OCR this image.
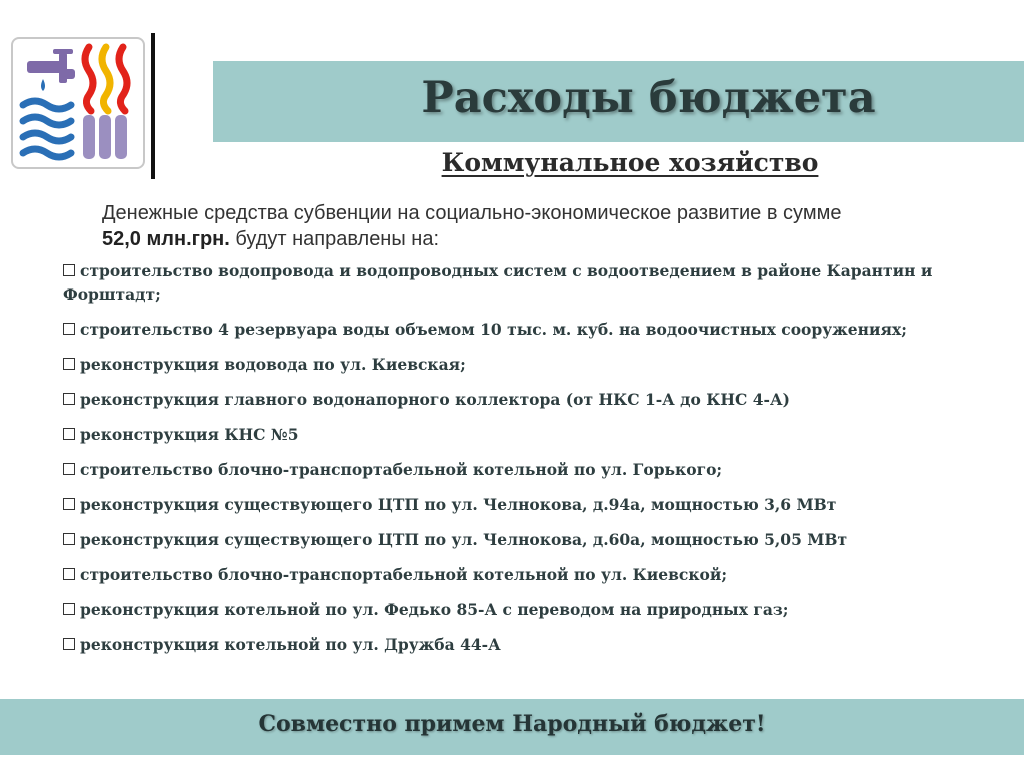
Расходы бюджета
Коммунальное хозяйство
Денежные средства субвенции на социально-экономическое развитие в сумме
52,0 млн.грн. будут направлены на:
строительство водопровода и водопроводных систем с водоотведением в районе Карантин и Форштадт;
строительство 4 резервуара воды объемом 10 тыс. м. куб. на водоочистных сооружениях;
реконструкция водовода по ул. Киевская;
реконструкция главного водонапорного коллектора (от НКС 1-А до КНС 4-А)
реконструкция КНС №5
строительство блочно-транспортабельной котельной по ул. Горького;
реконструкция существующего ЦТП по ул. Челнокова, д.94а, мощностью 3,6 МВт
реконструкция существующего ЦТП по ул. Челнокова, д.60а, мощностью 5,05 МВт
строительство блочно-транспортабельной котельной по ул. Киевской;
реконструкция котельной по ул. Федько 85-А с переводом на природных газ;
реконструкция котельной по ул. Дружба 44-А
Совместно примем Народный бюджет!
